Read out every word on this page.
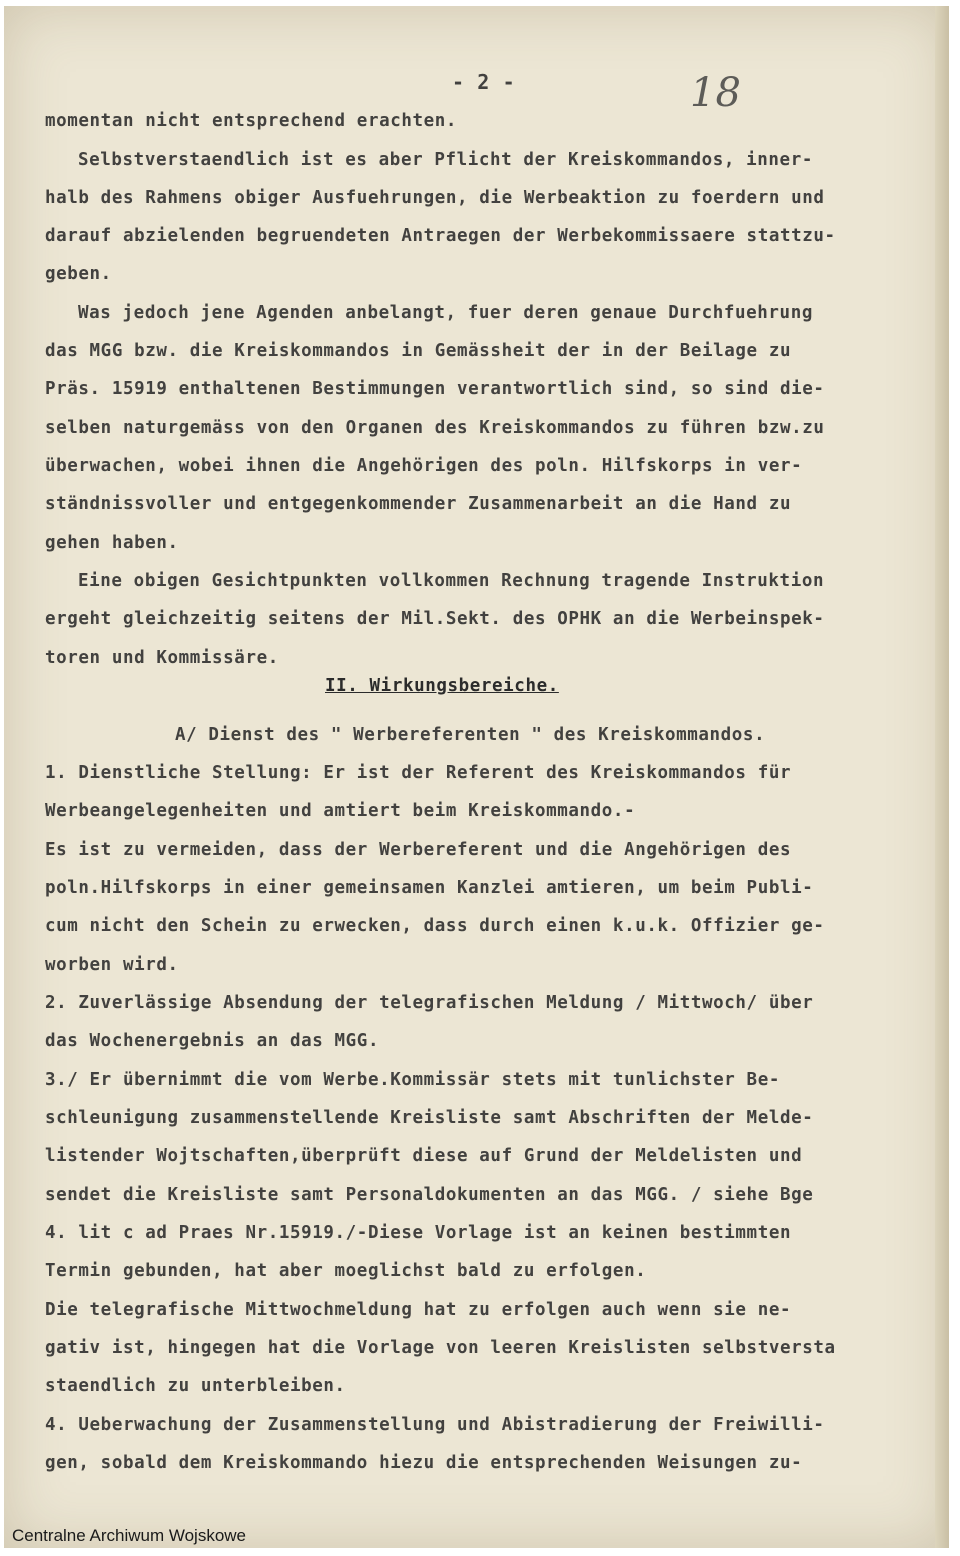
- 2 -	18
momentan nicht entsprechend erachten.
Selbstverstaendlich ist es aber Pflicht der Kreiskommandos, inner-
halb des Rahmens obiger Ausfuehrungen, die Werbeaktion zu foerdern und
darauf abzielenden begruendeten Antraegen der Werbekommissaere stattzu-
geben.
Was jedoch jene Agenden anbelangt, fuer deren genaue Durchfuehrung
das MGG bzw. die Kreiskommandos in Gemässheit der in der Beilage zu
Präs. 15919 enthaltenen Bestimmungen verantwortlich sind, so sind die-
selben naturgemäss von den Organen des Kreiskommandos zu führen bzw.zu
überwachen, wobei ihnen die Angehörigen des poln. Hilfskorps in ver-
ständnissvoller und entgegenkommender Zusammenarbeit an die Hand zu
gehen haben.
Eine obigen Gesichtpunkten vollkommen Rechnung tragende Instruktion
ergeht gleichzeitig seitens der Mil.Sekt. des OPHK an die Werbeinspek-
toren und Kommissäre.
II. Wirkungsbereiche.
A/ Dienst des " Werbereferenten " des Kreiskommandos.
1. Dienstliche Stellung: Er ist der Referent des Kreiskommandos für
Werbeangelegenheiten und amtiert beim Kreiskommando.-
Es ist zu vermeiden, dass der Werbereferent und die Angehörigen des
poln.Hilfskorps in einer gemeinsamen Kanzlei amtieren, um beim Publi-
cum nicht den Schein zu erwecken, dass durch einen k.u.k. Offizier ge-
worben wird.
2. Zuverlässige Absendung der telegrafischen Meldung / Mittwoch/ über
das Wochenergebnis an das MGG.
3./ Er übernimmt die vom Werbe.Kommissär stets mit tunlichster Be-
schleunigung zusammenstellende Kreisliste samt Abschriften der Melde-
listender Wojtschaften,überprüft diese auf Grund der Meldelisten und
sendet die Kreisliste samt Personaldokumenten an das MGG. / siehe Bge
4. lit c ad Praes Nr.15919./-Diese Vorlage ist an keinen bestimmten
Termin gebunden, hat aber moeglichst bald zu erfolgen.
Die telegrafische Mittwochmeldung hat zu erfolgen auch wenn sie ne-
gativ ist, hingegen hat die Vorlage von leeren Kreislisten selbstversta
staendlich zu unterbleiben.
4. Ueberwachung der Zusammenstellung und Abistradierung der Freiwilli-
gen, sobald dem Kreiskommando hiezu die entsprechenden Weisungen zu-
Centralne Archiwum Wojskowe
